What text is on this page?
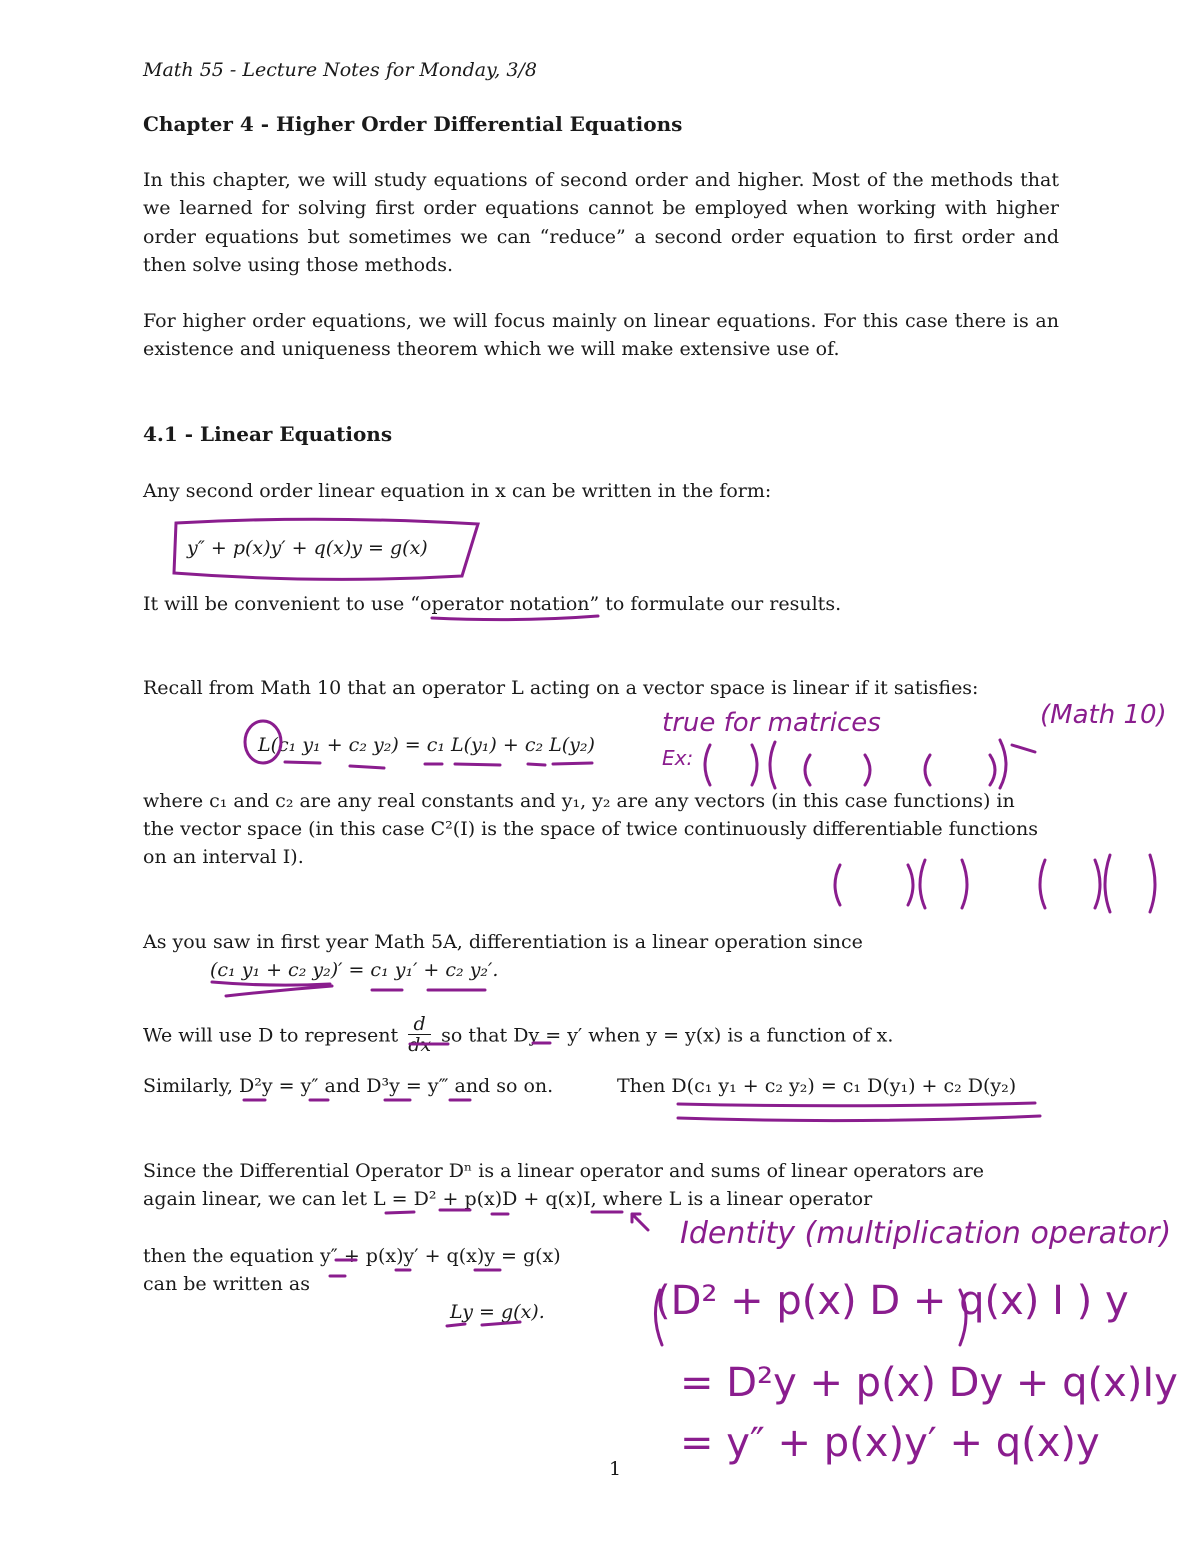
Math 55 - Lecture Notes for Monday, 3/8
Chapter 4 - Higher Order Differential Equations
In this chapter, we will study equations of second order and higher. Most of the methods that we learned for solving first order equations cannot be employed when working with higher order equations but sometimes we can “reduce” a second order equation to first order and then solve using those methods.
For higher order equations, we will focus mainly on linear equations. For this case there is an existence and uniqueness theorem which we will make extensive use of.
4.1 - Linear Equations
Any second order linear equation in x can be written in the form:
y″ + p(x)y′ + q(x)y = g(x)
It will be convenient to use “operator notation” to formulate our results.
Recall from Math 10 that an operator L acting on a vector space is linear if it satisfies:
L(c₁ y₁ + c₂ y₂) = c₁ L(y₁) + c₂ L(y₂)
where c₁ and c₂ are any real constants and y₁, y₂ are any vectors (in this case functions) in
the vector space (in this case C²(I) is the space of twice continuously differentiable functions
on an interval I).
As you saw in first year Math 5A, differentiation is a linear operation since
(c₁ y₁ + c₂ y₂)′ = c₁ y₁′ + c₂ y₂′.
We will use D to represent $\frac{d}{dx}$ so that Dy = y′ when y = y(x) is a function of x.
Similarly, D²y = y″ and D³y = y‴ and so on.	Then D(c₁ y₁ + c₂ y₂) = c₁ D(y₁) + c₂ D(y₂)
Since the Differential Operator Dⁿ is a linear operator and sums of linear operators are
again linear, we can let L = D² + p(x)D + q(x)I, where L is a linear operator
then the equation y″ + p(x)y′ + q(x)y = g(x)
can be written as
Ly = g(x).
1
(Math 10)
true for matrices
Ex:
Identity (multiplication operator)
(D² + p(x) D + q(x) I ) y
= D²y + p(x) Dy + q(x)Iy
= y″ + p(x)y′ + q(x)y
